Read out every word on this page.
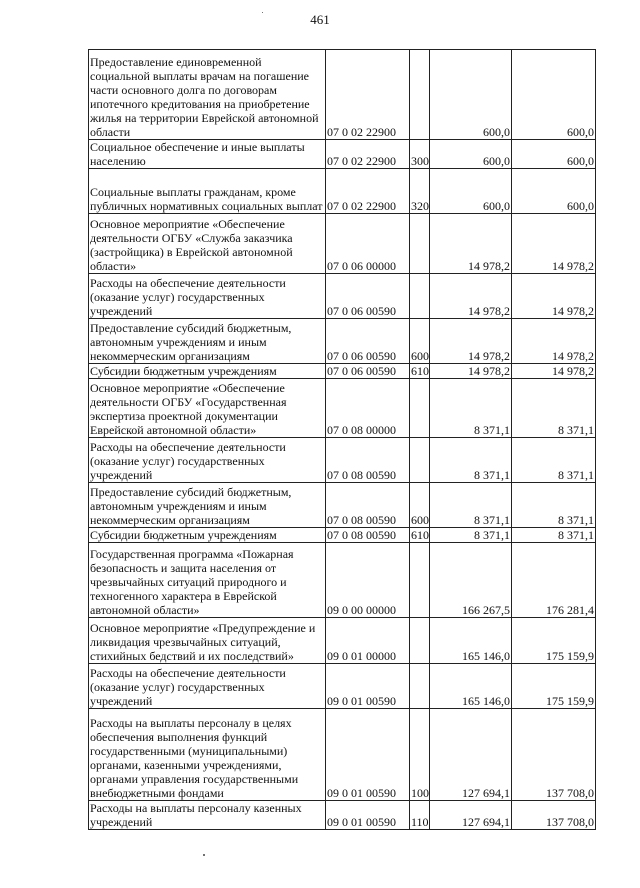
461
Предоставление единовременной социальной выплаты врачам на погашение части основного долга по договорам ипотечного кредитования на приобретение жилья на территории Еврейской автономной области	07 0 02 22900		600,0	600,0
Социальное обеспечение и иные выплаты населению	07 0 02 22900	300	600,0	600,0
Социальные выплаты гражданам, кроме публичных нормативных социальных выплат	07 0 02 22900	320	600,0	600,0
Основное мероприятие «Обеспечение деятельности ОГБУ «Служба заказчика (застройщика) в Еврейской автономной области»	07 0 06 00000		14 978,2	14 978,2
Расходы на обеспечение деятельности (оказание услуг) государственных учреждений	07 0 06 00590		14 978,2	14 978,2
Предоставление субсидий бюджетным, автономным учреждениям и иным некоммерческим организациям	07 0 06 00590	600	14 978,2	14 978,2
Субсидии бюджетным учреждениям	07 0 06 00590	610	14 978,2	14 978,2
Основное мероприятие «Обеспечение деятельности ОГБУ «Государственная экспертиза проектной документации Еврейской автономной области»	07 0 08 00000		8 371,1	8 371,1
Расходы на обеспечение деятельности (оказание услуг) государственных учреждений	07 0 08 00590		8 371,1	8 371,1
Предоставление субсидий бюджетным, автономным учреждениям и иным некоммерческим организациям	07 0 08 00590	600	8 371,1	8 371,1
Субсидии бюджетным учреждениям	07 0 08 00590	610	8 371,1	8 371,1
Государственная программа «Пожарная безопасность и защита населения от чрезвычайных ситуаций природного и техногенного характера в Еврейской автономной области»	09 0 00 00000		166 267,5	176 281,4
Основное мероприятие «Предупреждение и ликвидация чрезвычайных ситуаций, стихийных бедствий и их последствий»	09 0 01 00000		165 146,0	175 159,9
Расходы на обеспечение деятельности (оказание услуг) государственных учреждений	09 0 01 00590		165 146,0	175 159,9
Расходы на выплаты персоналу в целях обеспечения выполнения функций государственными (муниципальными) органами, казенными учреждениями, органами управления государственными внебюджетными фондами	09 0 01 00590	100	127 694,1	137 708,0
Расходы на выплаты персоналу казенных учреждений	09 0 01 00590	110	127 694,1	137 708,0
